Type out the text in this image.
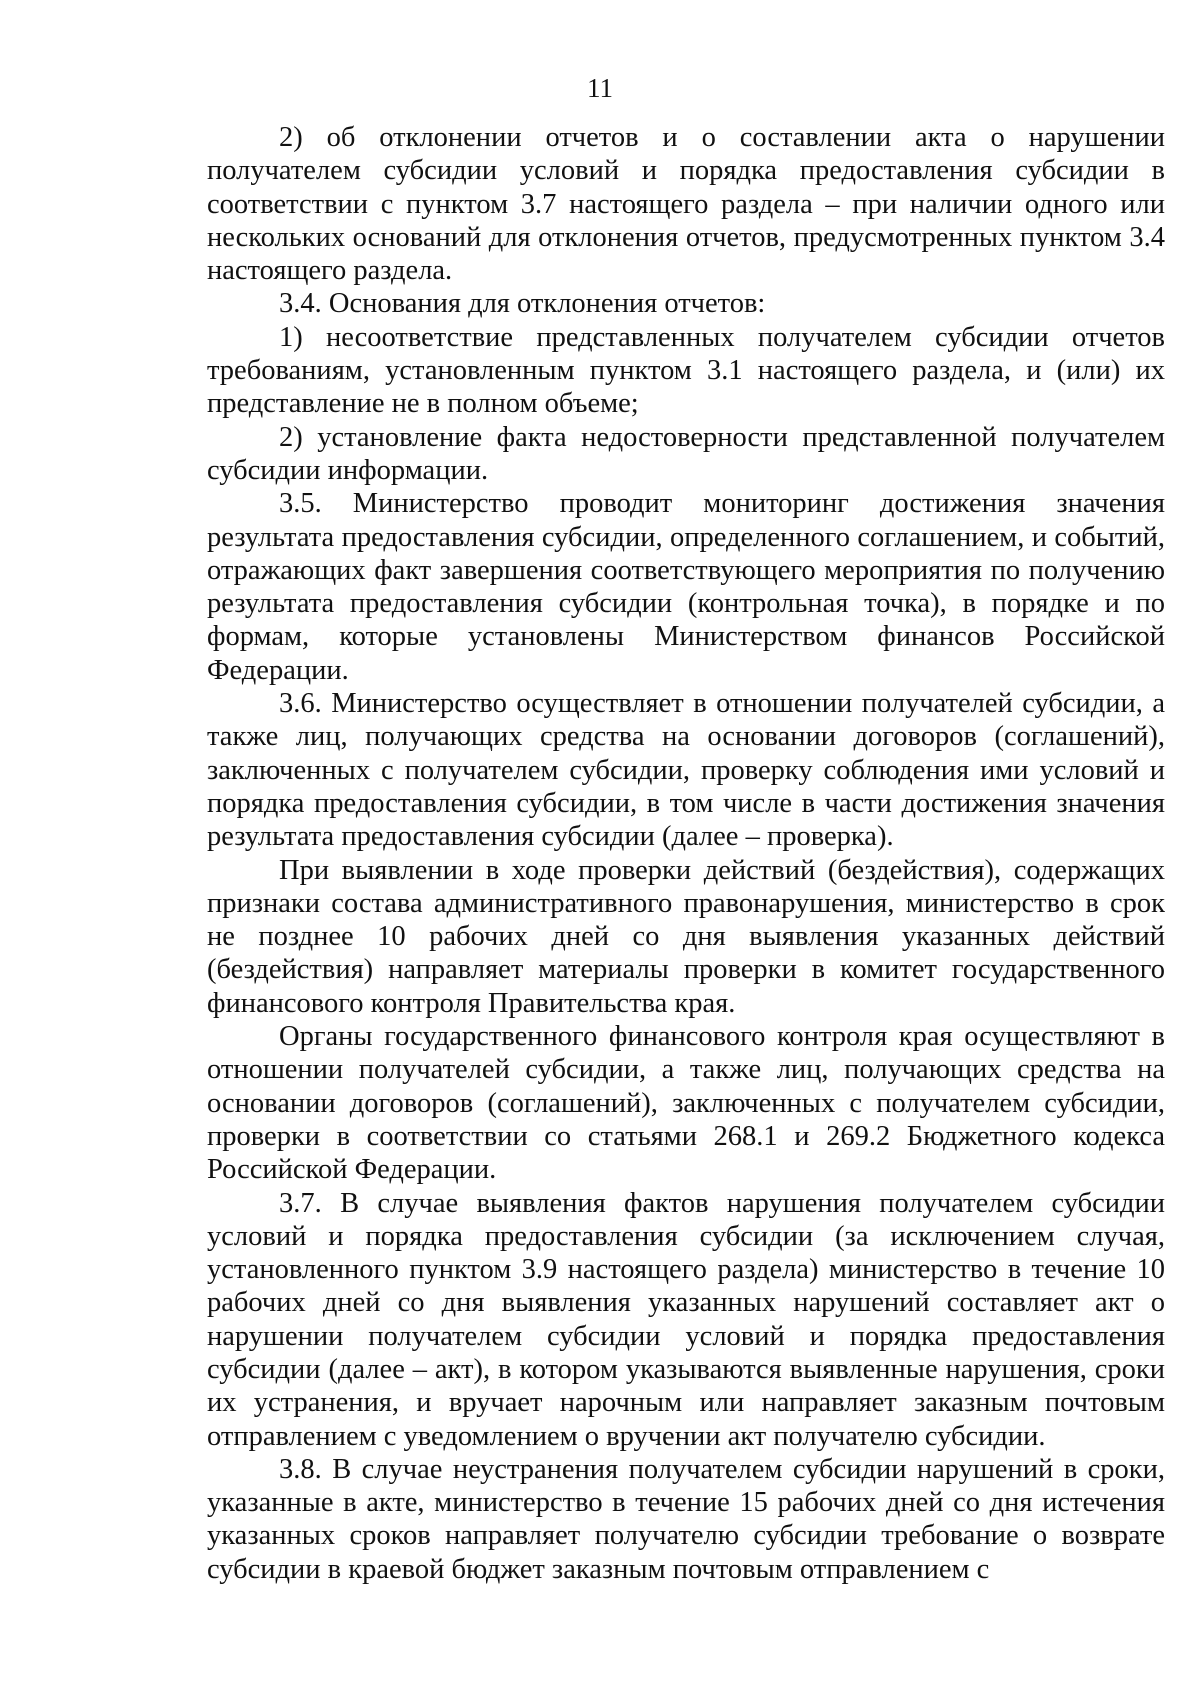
11

2) об отклонении отчетов и о составлении акта о нарушении получателем субсидии условий и порядка предоставления субсидии в соответствии с пунктом 3.7 настоящего раздела – при наличии одного или нескольких оснований для отклонения отчетов, предусмотренных пунктом 3.4 настоящего раздела.

3.4. Основания для отклонения отчетов:

1) несоответствие представленных получателем субсидии отчетов требованиям, установленным пунктом 3.1 настоящего раздела, и (или) их представление не в полном объеме;

2) установление факта недостоверности представленной получателем субсидии информации.

3.5. Министерство проводит мониторинг достижения значения результата предоставления субсидии, определенного соглашением, и событий, отражающих факт завершения соответствующего мероприятия по получению результата предоставления субсидии (контрольная точка), в порядке и по формам, которые установлены Министерством финансов Российской Федерации.

3.6. Министерство осуществляет в отношении получателей субсидии, а также лиц, получающих средства на основании договоров (соглашений), заключенных с получателем субсидии, проверку соблюдения ими условий и порядка предоставления субсидии, в том числе в части достижения значения результата предоставления субсидии (далее – проверка).

При выявлении в ходе проверки действий (бездействия), содержащих признаки состава административного правонарушения, министерство в срок не позднее 10 рабочих дней со дня выявления указанных действий (бездействия) направляет материалы проверки в комитет государственного финансового контроля Правительства края.

Органы государственного финансового контроля края осуществляют в отношении получателей субсидии, а также лиц, получающих средства на основании договоров (соглашений), заключенных с получателем субсидии, проверки в соответствии со статьями 268.1 и 269.2 Бюджетного кодекса Российской Федерации.

3.7. В случае выявления фактов нарушения получателем субсидии условий и порядка предоставления субсидии (за исключением случая, установленного пунктом 3.9 настоящего раздела) министерство в течение 10 рабочих дней со дня выявления указанных нарушений составляет акт о нарушении получателем субсидии условий и порядка предоставления субсидии (далее – акт), в котором указываются выявленные нарушения, сроки их устранения, и вручает нарочным или направляет заказным почтовым отправлением с уведомлением о вручении акт получателю субсидии.

3.8. В случае неустранения получателем субсидии нарушений в сроки, указанные в акте, министерство в течение 15 рабочих дней со дня истечения указанных сроков направляет получателю субсидии требование о возврате субсидии в краевой бюджет заказным почтовым отправлением с
